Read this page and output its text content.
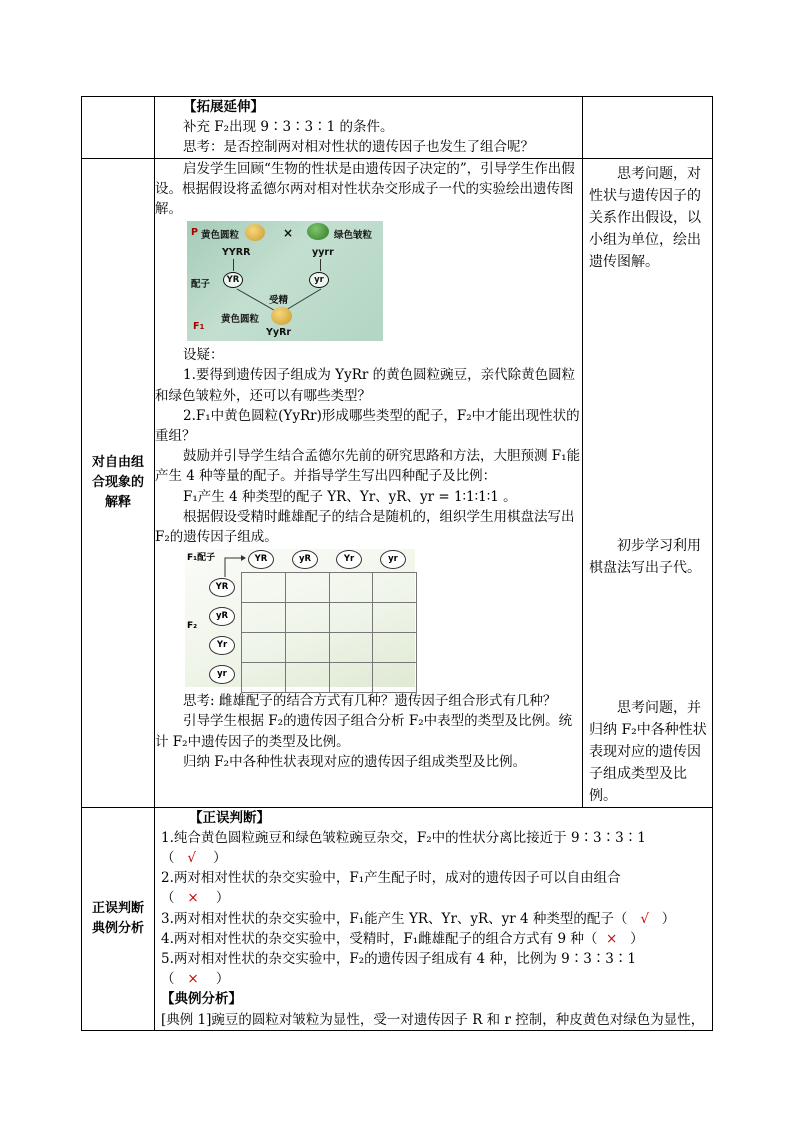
【拓展延伸】

补充 F₂出现 9∶3∶3∶1 的条件。

思考：是否控制两对相对性状的遗传因子也发生了组合呢？

对自由组
合现象的
解释

启发学生回顾“生物的性状是由遗传因子决定的”，引导学生作出假设。根据假设将孟德尔两对相对性状杂交形成子一代的实验绘出遗传图解。

P 黄色圆粒	×	绿色皱粒
YYRR	yyrr
配子	YR	yr
受精
黄色圆粒
F1	YyRr

设疑：

1.要得到遗传因子组成为 YyRr 的黄色圆粒豌豆，亲代除黄色圆粒和绿色皱粒外，还可以有哪些类型？

2.F₁中黄色圆粒(YyRr)形成哪些类型的配子，F₂中才能出现性状的重组？

鼓励并引导学生结合孟德尔先前的研究思路和方法，大胆预测 F₁能产生 4 种等量的配子。并指导学生写出四种配子及比例：

F₁产生 4 种类型的配子 YR、Yr、yR、yr = 1∶1∶1∶1 。

根据假设受精时雌雄配子的结合是随机的，组织学生用棋盘法写出 F₂的遗传因子组成。

F₁配子	YR	yR	Yr	yr
F₂
YR
yR
Yr
yr

思考: 雌雄配子的结合方式有几种？遗传因子组合形式有几种？

引导学生根据 F₂的遗传因子组合分析 F₂中表型的类型及比例。统计 F₂中遗传因子的类型及比例。

归纳 F₂中各种性状表现对应的遗传因子组成类型及比例。

思考问题，对性状与遗传因子的关系作出假设，以小组为单位，绘出遗传图解。
初步学习利用棋盘法写出子代。
思考问题，并归纳 F₂中各种性状表现对应的遗传因子组成类型及比例。

正误判断
典例分析

【正误判断】

1.纯合黄色圆粒豌豆和绿色皱粒豌豆杂交，F₂中的性状分离比接近于 9∶3∶3∶1

（ √ ）

2.两对相对性状的杂交实验中，F₁产生配子时，成对的遗传因子可以自由组合

（ × ）

3.两对相对性状的杂交实验中，F₁能产生 YR、Yr、yR、yr 4 种类型的配子（ √ ）

4.两对相对性状的杂交实验中，受精时，F₁雌雄配子的组合方式有 9 种（ × ）

5.两对相对性状的杂交实验中，F₂的遗传因子组成有 4 种，比例为 9∶3∶3∶1

（ × ）

【典例分析】

[典例 1]豌豆的圆粒对皱粒为显性，受一对遗传因子 R 和 r 控制，种皮黄色对绿色为显性，
